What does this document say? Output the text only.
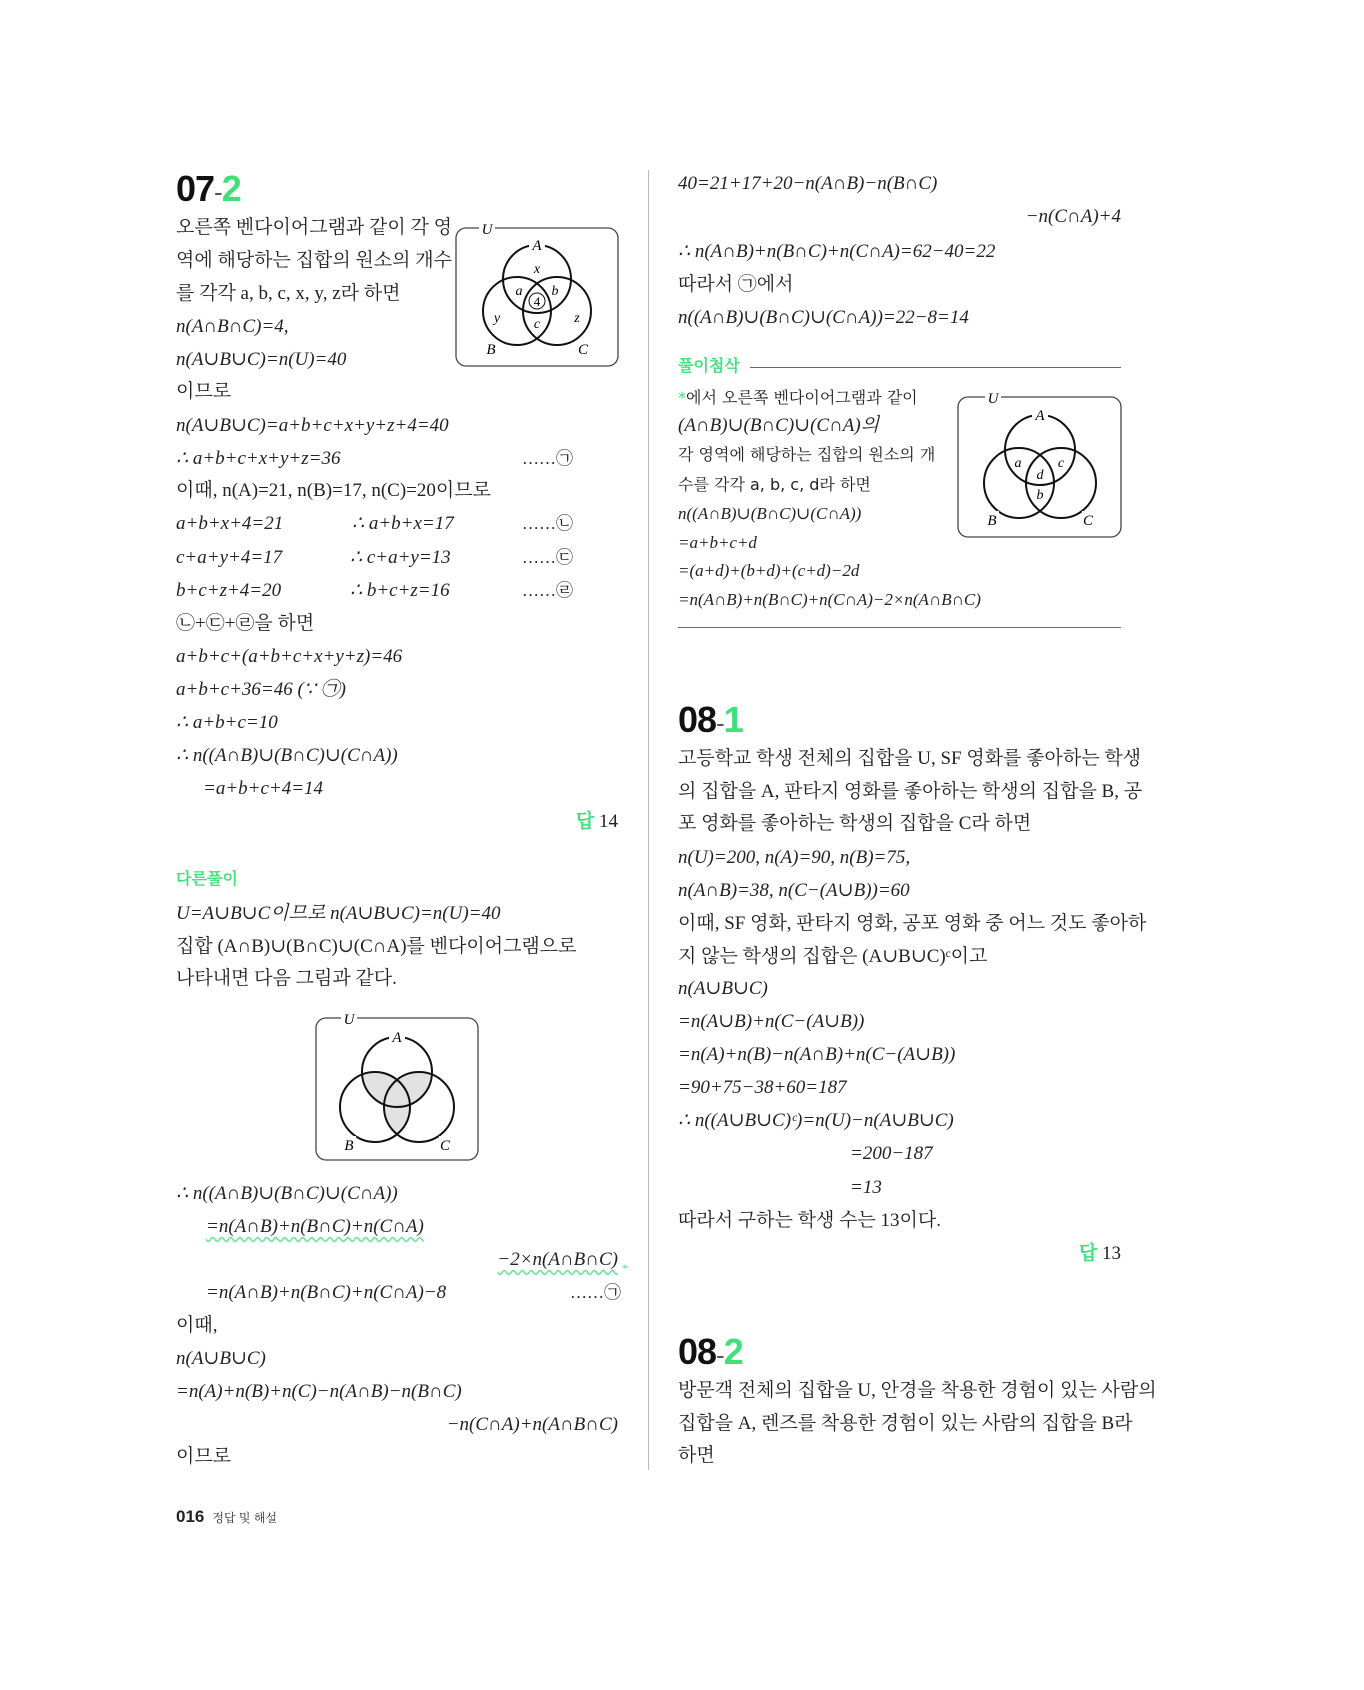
07-2
오른쪽 벤다이어그램과 같이 각 영
역에 해당하는 집합의 원소의 개수
를 각각 a, b, c, x, y, z라 하면
n(A∩B∩C)=4,
n(A∪B∪C)=n(U)=40
이므로
U
A
B	C
x
y	z
a b
4
c
n(A∪B∪C)=a+b+c+x+y+z+4=40
∴ a+b+c+x+y+z=36	……㉠
이때, n(A)=21, n(B)=17, n(C)=20이므로
a+b+x+4=21	∴ a+b+x=17	……㉡
c+a+y+4=17	∴ c+a+y=13	……㉢
b+c+z+4=20	∴ b+c+z=16	……㉣
㉡+㉢+㉣을 하면
a+b+c+(a+b+c+x+y+z)=46
a+b+c+36=46 (∵ ㉠)
∴ a+b+c=10
∴ n((A∩B)∪(B∩C)∪(C∩A))
=a+b+c+4=14
답 14
다른풀이
U=A∪B∪C이므로 n(A∪B∪C)=n(U)=40
집합 (A∩B)∪(B∩C)∪(C∩A)를 벤다이어그램으로
나타내면 다음 그림과 같다.
U
A
B	C
∴ n((A∩B)∪(B∩C)∪(C∩A))
=n(A∩B)+n(B∩C)+n(C∩A)
−2×n(A∩B∩C) *
=n(A∩B)+n(B∩C)+n(C∩A)−8	……㉠
이때,
n(A∪B∪C)
=n(A)+n(B)+n(C)−n(A∩B)−n(B∩C)
−n(C∩A)+n(A∩B∩C)
이므로
40=21+17+20−n(A∩B)−n(B∩C)
−n(C∩A)+4
∴ n(A∩B)+n(B∩C)+n(C∩A)=62−40=22
따라서 ㉠에서
n((A∩B)∪(B∩C)∪(C∩A))=22−8=14
풀이첨삭
*에서 오른쪽 벤다이어그램과 같이
(A∩B)∪(B∩C)∪(C∩A)의
각 영역에 해당하는 집합의 원소의 개
수를 각각 a, b, c, d라 하면
n((A∩B)∪(B∩C)∪(C∩A))
=a+b+c+d
=(a+d)+(b+d)+(c+d)−2d
=n(A∩B)+n(B∩C)+n(C∩A)−2×n(A∩B∩C)
U
A
B	C
a	c
d
b
08-1
고등학교 학생 전체의 집합을 U, SF 영화를 좋아하는 학생
의 집합을 A, 판타지 영화를 좋아하는 학생의 집합을 B, 공
포 영화를 좋아하는 학생의 집합을 C라 하면
n(U)=200, n(A)=90, n(B)=75,
n(A∩B)=38, n(C−(A∪B))=60
이때, SF 영화, 판타지 영화, 공포 영화 중 어느 것도 좋아하
지 않는 학생의 집합은 (A∪B∪C)ᶜ이고
n(A∪B∪C)
=n(A∪B)+n(C−(A∪B))
=n(A)+n(B)−n(A∩B)+n(C−(A∪B))
=90+75−38+60=187
∴ n((A∪B∪C)ᶜ)=n(U)−n(A∪B∪C)
=200−187
=13
따라서 구하는 학생 수는 13이다.
답 13
08-2
방문객 전체의 집합을 U, 안경을 착용한 경험이 있는 사람의
집합을 A, 렌즈를 착용한 경험이 있는 사람의 집합을 B라
하면
016 정답 및 해설
